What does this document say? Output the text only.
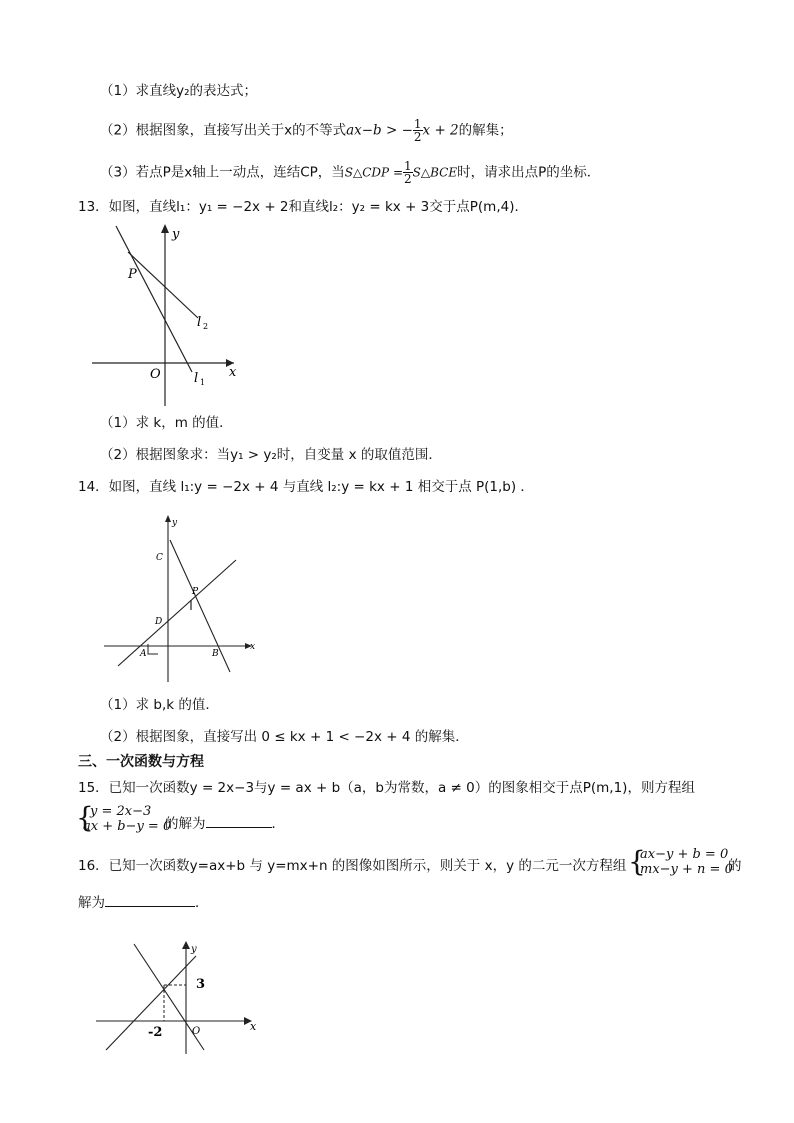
（1）求直线y₂的表达式；
（2）根据图象，直接写出关于x的不等式ax−b > − $\frac{1}{2}$ x + 2的解集；
（3）若点P是x轴上一动点，连结CP，当S△CDP = $\frac{1}{2}$ S△BCE时，请求出点P的坐标．
13．如图，直线l₁：y₁ = −2x + 2和直线l₂：y₂ = kx + 3交于点P(m,4)．
y
x
O
P
l 1
l 2
（1）求 k，m 的值．
（2）根据图象求：当y₁ > y₂时，自变量 x 的取值范围．
14．如图，直线 l₁:y = −2x + 4 与直线 l₂:y = kx + 1 相交于点 P(1,b) ．
y
x
C
P
D
A	B
（1）求 b,k 的值．
（2）根据图象，直接写出 0 ≤ kx + 1 < −2x + 4 的解集．
三、一次函数与方程
15．已知一次函数y = 2x−3与y = ax + b（a，b为常数，a ≠ 0）的图象相交于点P(m,1)，则方程组
{
y = 2x−3
ax + b−y = 0
的解为	．
16．已知一次函数y=ax+b 与 y=mx+n 的图像如图所示，则关于 x，y 的二元一次方程组 {
ax−y + b = 0
mx−y + n = 0
的
解为	．
y
x
O
3
-2
